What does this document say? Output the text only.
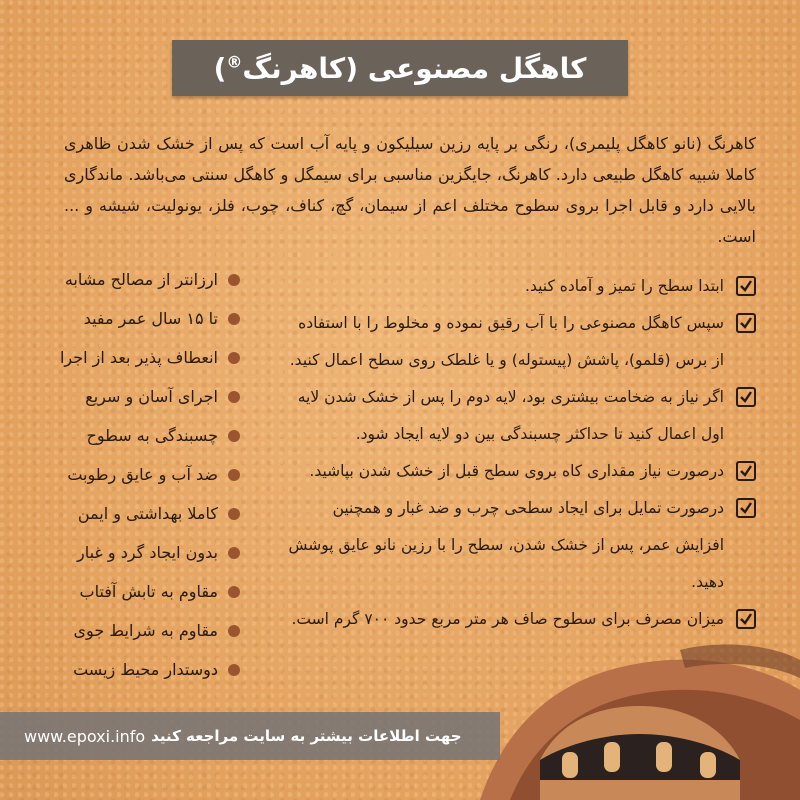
کاهگل مصنوعی (کاهرنگ®)
کاهرنگ (نانو کاهگل پلیمری)، رنگی بر پایه رزین سیلیکون و پایه آب است که پس از خشک شدن ظاهری کاملا شبیه کاهگل طبیعی دارد. کاهرنگ، جایگزین مناسبی برای سیمگل و کاهگل سنتی می‌باشد. ماندگاری بالایی دارد و قابل اجرا بروی سطوح مختلف اعم از سیمان، گچ، کناف، چوب، فلز، یونولیت، شیشه و ... است.
ابتدا سطح را تمیز و آماده کنید.
سپس کاهگل مصنوعی را با آب رقیق نموده و مخلوط را با استفاده از برس (قلمو)، پاشش (پیستوله) و یا غلطک روی سطح اعمال کنید.
اگر نیاز به ضخامت بیشتری بود، لایه دوم را پس از خشک شدن لایه اول اعمال کنید تا حداکثر چسبندگی بین دو لایه ایجاد شود.
درصورت نیاز مقداری کاه بروی سطح قبل از خشک شدن بپاشید.
درصورت تمایل برای ایجاد سطحی چرب و ضد غبار و همچنین افزایش عمر، پس از خشک شدن، سطح را با رزین نانو عایق پوشش دهید.
میزان مصرف برای سطوح صاف هر متر مربع حدود ۷۰۰ گرم است.
ارزانتر از مصالح مشابه
تا ۱۵ سال عمر مفید
انعطاف پذیر بعد از اجرا
اجرای آسان و سریع
چسبندگی به سطوح
ضد آب و عایق رطوبت
کاملا بهداشتی و ایمن
بدون ایجاد گرد و غبار
مقاوم به تابش آفتاب
مقاوم به شرایط جوی
دوستدار محیط زیست
www.epoxi.info جهت اطلاعات بیشتر به سایت مراجعه کنید
